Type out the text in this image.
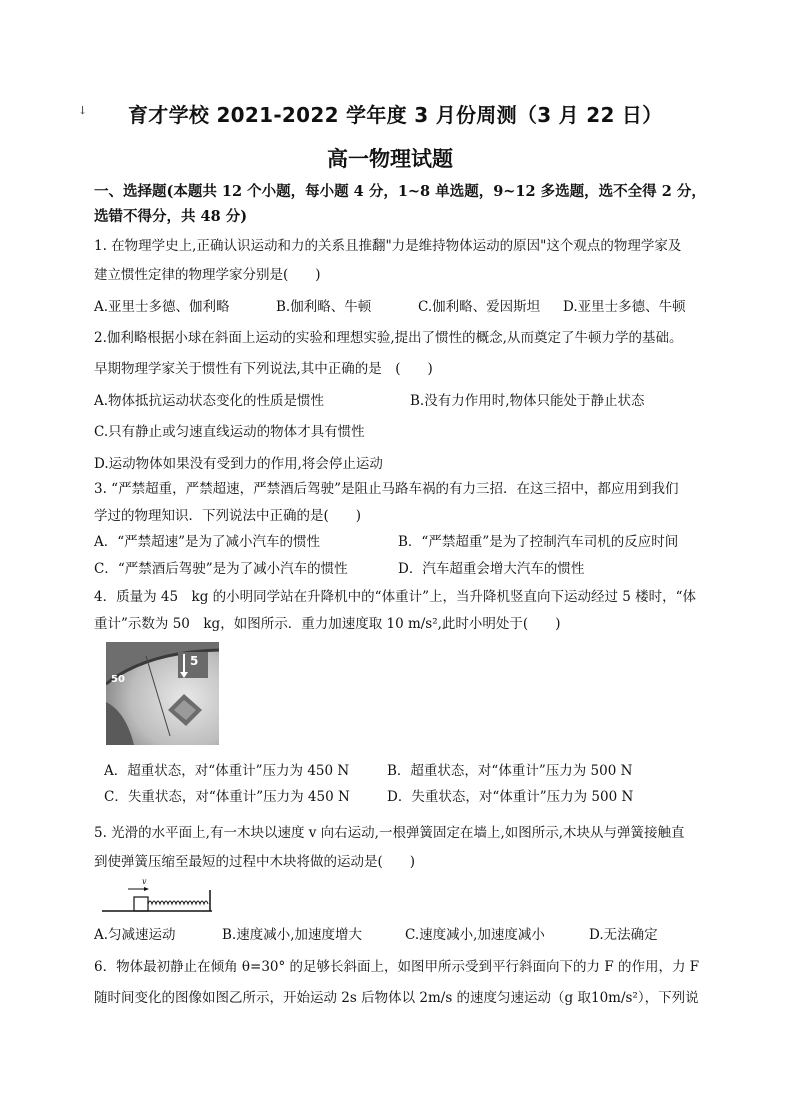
↓ 育才学校 2021-2022 学年度 3 月份周测（3 月 22 日）
高一物理试题
一、选择题(本题共 12 个小题，每小题 4 分，1~8 单选题，9~12 多选题，选不全得 2 分，
选错不得分，共 48 分)
1. 在物理学史上,正确认识运动和力的关系且推翻"力是维持物体运动的原因"这个观点的物理学家及
建立惯性定律的物理学家分别是(　　)
A.亚里士多德、伽利略	B.伽利略、牛顿	C.伽利略、爱因斯坦 D.亚里士多德、牛顿
2.伽利略根据小球在斜面上运动的实验和理想实验,提出了惯性的概念,从而奠定了牛顿力学的基础。
早期物理学家关于惯性有下列说法,其中正确的是　(　　)
A.物体抵抗运动状态变化的性质是惯性	B.没有力作用时,物体只能处于静止状态
C.只有静止或匀速直线运动的物体才具有惯性
D.运动物体如果没有受到力的作用,将会停止运动
3. “严禁超重，严禁超速，严禁酒后驾驶”是阻止马路车祸的有力三招．在这三招中，都应用到我们
学过的物理知识．下列说法中正确的是(　　)
A．“严禁超速”是为了减小汽车的惯性	B．“严禁超重”是为了控制汽车司机的反应时间
C．“严禁酒后驾驶”是为了减小汽车的惯性	D．汽车超重会增大汽车的惯性
4．质量为 45　kg 的小明同学站在升降机中的“体重计”上，当升降机竖直向下运动经过 5 楼时，“体
重计”示数为 50　kg，如图所示．重力加速度取 10 m/s²,此时小明处于(　　)
50
5
A．超重状态，对“体重计”压力为 450 N	B．超重状态，对“体重计”压力为 500 N
C．失重状态，对“体重计”压力为 450 N	D．失重状态，对“体重计”压力为 500 N
5. 光滑的水平面上,有一木块以速度 v 向右运动,一根弹簧固定在墙上,如图所示,木块从与弹簧接触直
到使弹簧压缩至最短的过程中木块将做的运动是(　　)
v
A.匀减速运动	B.速度减小,加速度增大	C.速度减小,加速度减小	D.无法确定
6．物体最初静止在倾角 θ=30° 的足够长斜面上，如图甲所示受到平行斜面向下的力 F 的作用，力 F
随时间变化的图像如图乙所示，开始运动 2s 后物体以 2m/s 的速度匀速运动（g 取10m/s²），下列说
